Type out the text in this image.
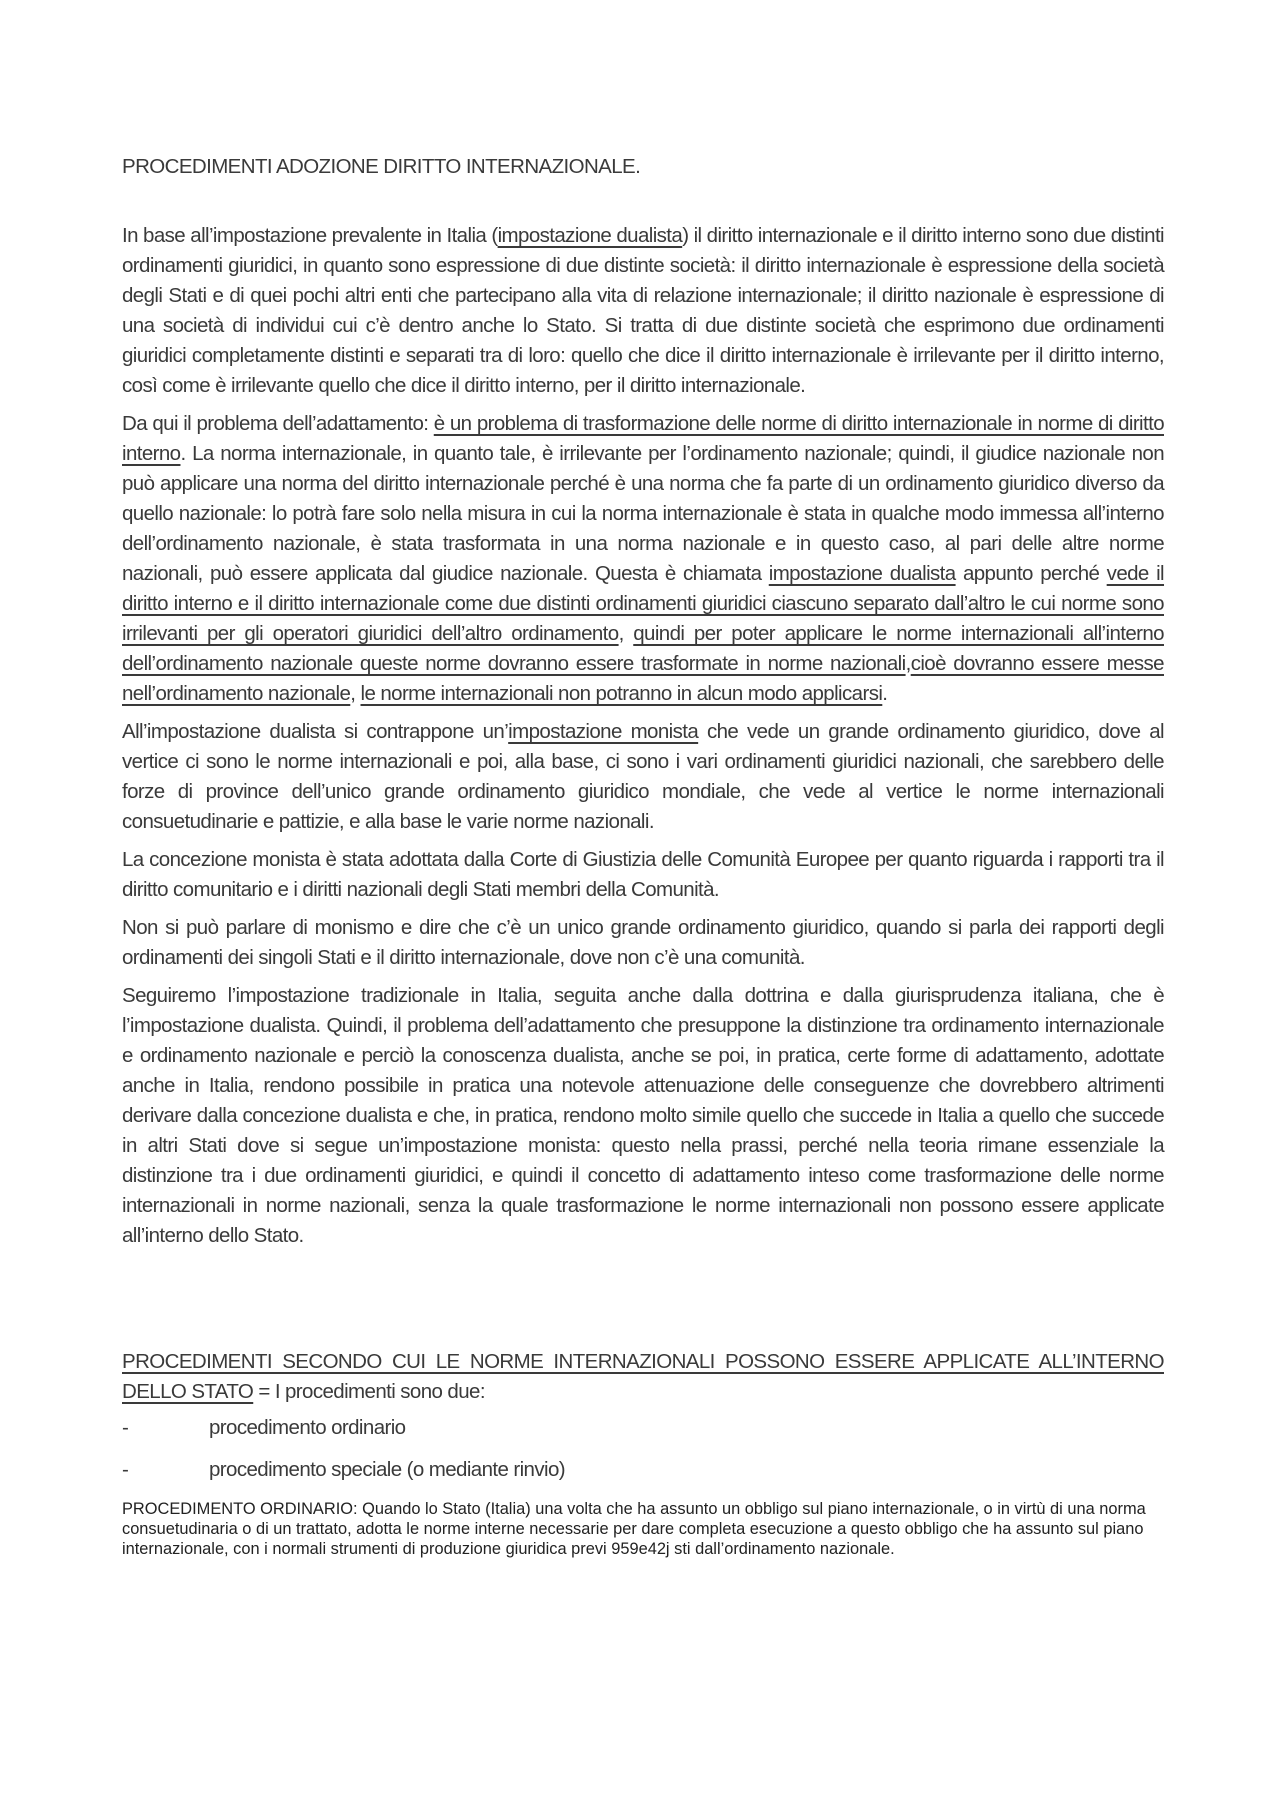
PROCEDIMENTI ADOZIONE DIRITTO INTERNAZIONALE.

In base all’impostazione prevalente in Italia (impostazione dualista) il diritto internazionale e il diritto interno sono due distinti ordinamenti giuridici, in quanto sono espressione di due distinte società: il diritto internazionale è espressione della società degli Stati e di quei pochi altri enti che partecipano alla vita di relazione internazionale; il diritto nazionale è espressione di una società di individui cui c’è dentro anche lo Stato. Si tratta di due distinte società che esprimono due ordinamenti giuridici completamente distinti e separati tra di loro: quello che dice il diritto internazionale è irrilevante per il diritto interno, così come è irrilevante quello che dice il diritto interno, per il diritto internazionale.

Da qui il problema dell’adattamento: è un problema di trasformazione delle norme di diritto internazionale in norme di diritto interno. La norma internazionale, in quanto tale, è irrilevante per l’ordinamento nazionale; quindi, il giudice nazionale non può applicare una norma del diritto internazionale perché è una norma che fa parte di un ordinamento giuridico diverso da quello nazionale: lo potrà fare solo nella misura in cui la norma internazionale è stata in qualche modo immessa all’interno dell’ordinamento nazionale, è stata trasformata in una norma nazionale e in questo caso, al pari delle altre norme nazionali, può essere applicata dal giudice nazionale. Questa è chiamata impostazione dualista appunto perché vede il diritto interno e il diritto internazionale come due distinti ordinamenti giuridici ciascuno separato dall’altro le cui norme sono irrilevanti per gli operatori giuridici dell’altro ordinamento, quindi per poter applicare le norme internazionali all’interno dell’ordinamento nazionale queste norme dovranno essere trasformate in norme nazionali,cioè dovranno essere messe nell’ordinamento nazionale, le norme internazionali non potranno in alcun modo applicarsi.

All’impostazione dualista si contrappone un’impostazione monista che vede un grande ordinamento giuridico, dove al vertice ci sono le norme internazionali e poi, alla base, ci sono i vari ordinamenti giuridici nazionali, che sarebbero delle forze di province dell’unico grande ordinamento giuridico mondiale, che vede al vertice le norme internazionali consuetudinarie e pattizie, e alla base le varie norme nazionali.

La concezione monista è stata adottata dalla Corte di Giustizia delle Comunità Europee per quanto riguarda i rapporti tra il diritto comunitario e i diritti nazionali degli Stati membri della Comunità.

Non si può parlare di monismo e dire che c’è un unico grande ordinamento giuridico, quando si parla dei rapporti degli ordinamenti dei singoli Stati e il diritto internazionale, dove non c’è una comunità.

Seguiremo l’impostazione tradizionale in Italia, seguita anche dalla dottrina e dalla giurisprudenza italiana, che è l’impostazione dualista. Quindi, il problema dell’adattamento che presuppone la distinzione tra ordinamento internazionale e ordinamento nazionale e perciò la conoscenza dualista, anche se poi, in pratica, certe forme di adattamento, adottate anche in Italia, rendono possibile in pratica una notevole attenuazione delle conseguenze che dovrebbero altrimenti derivare dalla concezione dualista e che, in pratica, rendono molto simile quello che succede in Italia a quello che succede in altri Stati dove si segue un’impostazione monista: questo nella prassi, perché nella teoria rimane essenziale la distinzione tra i due ordinamenti giuridici, e quindi il concetto di adattamento inteso come trasformazione delle norme internazionali in norme nazionali, senza la quale trasformazione le norme internazionali non possono essere applicate all’interno dello Stato.

PROCEDIMENTI SECONDO CUI LE NORME INTERNAZIONALI POSSONO ESSERE APPLICATE ALL’INTERNO DELLO STATO = I procedimenti sono due:

-	procedimento ordinario
-	procedimento speciale (o mediante rinvio)
PROCEDIMENTO ORDINARIO: Quando lo Stato (Italia) una volta che ha assunto un obbligo sul piano internazionale, o in virtù di una norma consuetudinaria o di un trattato, adotta le norme interne necessarie per dare completa esecuzione a questo obbligo che ha assunto sul piano internazionale, con i normali strumenti di produzione giuridica previ 959e42j sti dall’ordinamento nazionale.
